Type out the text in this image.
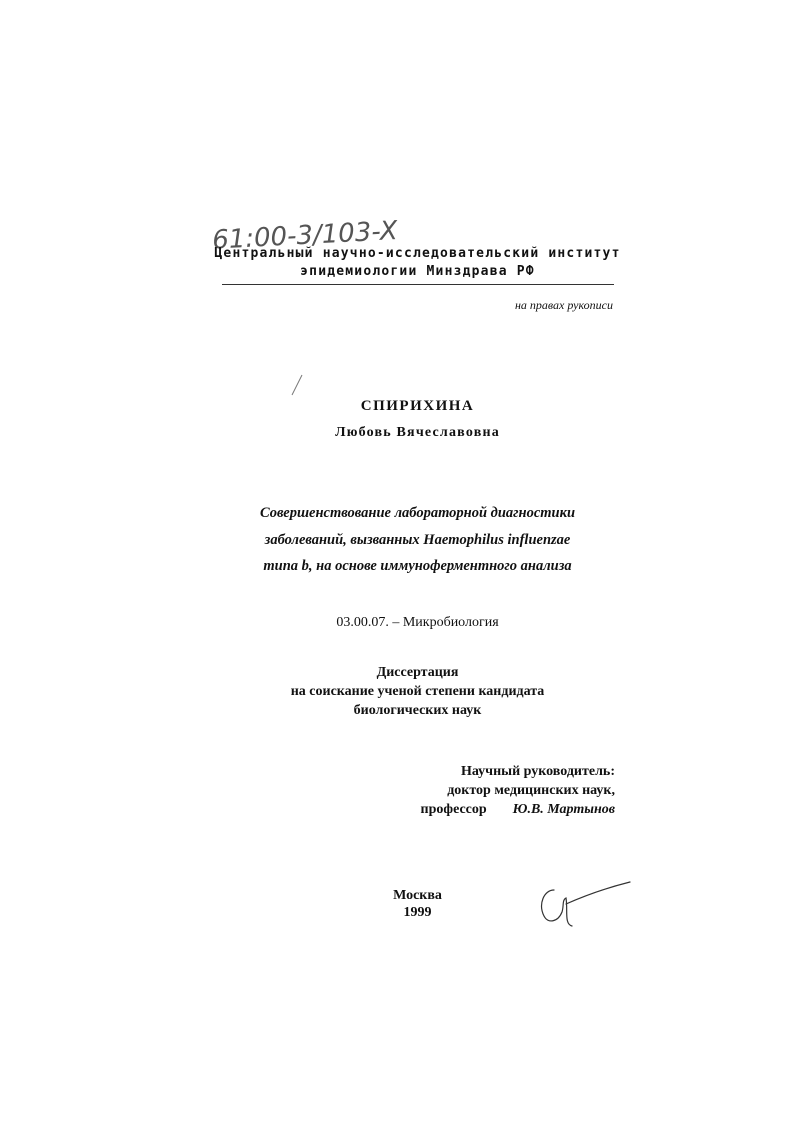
61:00-3/103-X
Центральный научно-исследовательский институт
эпидемиологии Минздрава РФ
на правах рукописи
СПИРИХИНА
Любовь Вячеславовна
Совершенствование лабораторной диагностики
заболеваний, вызванных Haemophilus influenzae
типа b, на основе иммуноферментного анализа
03.00.07. – Микробиология
Диссертация
на соискание ученой степени кандидата
биологических наук
Научный руководитель:
доктор медицинских наук,
профессор Ю.В. Мартынов
Москва
1999
